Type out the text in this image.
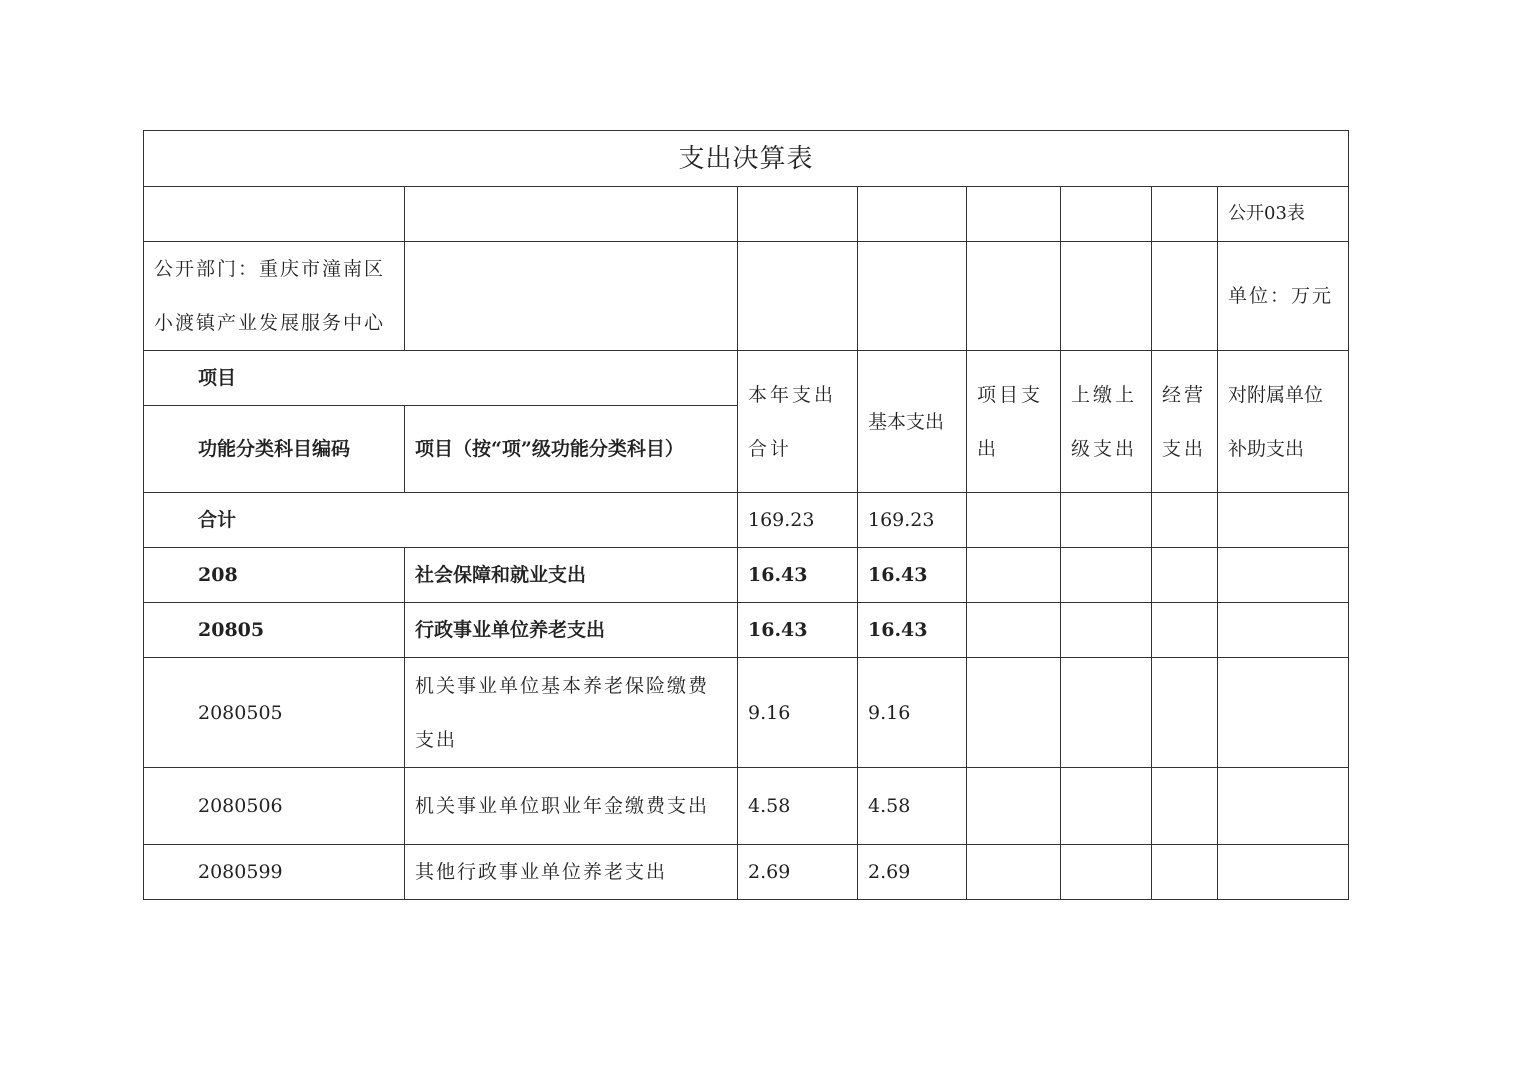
支出决算表							
							公开03表
公开部门：重庆市潼南区小渡镇产业发展服务中心							单位：万元
项目		本年支出合计	基本支出	项目支出	上缴上级支出	经营支出	对附属单位补助支出
功能分类科目编码	项目（按“项”级功能分类科目）						
合计		169.23	169.23				
208	社会保障和就业支出	16.43	16.43				
20805	行政事业单位养老支出	16.43	16.43				
2080505	机关事业单位基本养老保险缴费支出	9.16	9.16				
2080506	机关事业单位职业年金缴费支出	4.58	4.58				
2080599	其他行政事业单位养老支出	2.69	2.69				
